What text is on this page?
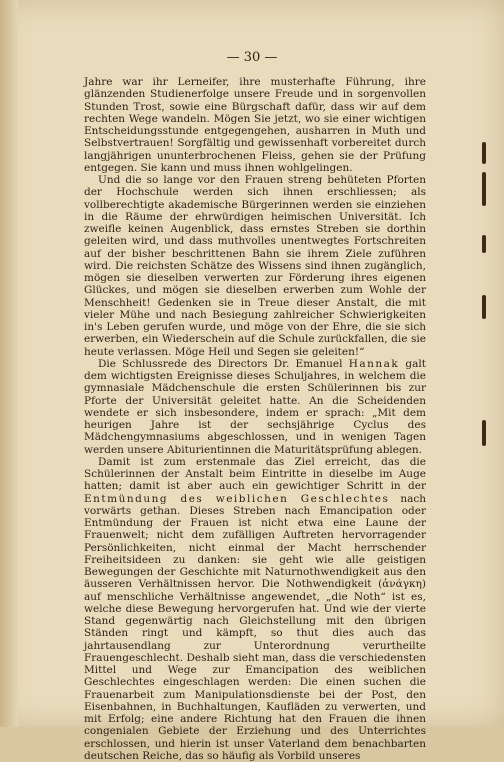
— 30 —

Jahre war ihr Lerneifer, ihre musterhafte Führung, ihre glänzenden Studienerfolge unsere Freude und in sorgenvollen Stunden Trost, sowie eine Bürgschaft dafür, dass wir auf dem rechten Wege wandeln. Mögen Sie jetzt, wo sie einer wichtigen Entscheidungsstunde entgegengehen, ausharren in Muth und Selbstvertrauen! Sorgfältig und gewissenhaft vorbereitet durch langjährigen ununterbrochenen Fleiss, gehen sie der Prüfung entgegen. Sie kann und muss ihnen wohlgelingen.

Und die so lange vor den Frauen streng behüteten Pforten der Hochschule werden sich ihnen erschliessen; als vollberechtigte akademische Bürgerinnen werden sie einziehen in die Räume der ehrwürdigen heimischen Universität. Ich zweifle keinen Augenblick, dass ernstes Streben sie dorthin geleiten wird, und dass muthvolles unentwegtes Fortschreiten auf der bisher beschrittenen Bahn sie ihrem Ziele zuführen wird. Die reichsten Schätze des Wissens sind ihnen zugänglich, mögen sie dieselben verwerten zur Förderung ihres eigenen Glückes, und mögen sie dieselben erwerben zum Wohle der Menschheit! Gedenken sie in Treue dieser Anstalt, die mit vieler Mühe und nach Besiegung zahlreicher Schwierigkeiten in's Leben gerufen wurde, und möge von der Ehre, die sie sich erwerben, ein Wiederschein auf die Schule zurückfallen, die sie heute verlassen. Möge Heil und Segen sie geleiten!“

Die Schlussrede des Directors Dr. Emanuel Hannak galt dem wichtigsten Ereignisse dieses Schuljahres, in welchem die gymnasiale Mädchenschule die ersten Schülerinnen bis zur Pforte der Universität geleitet hatte. An die Scheidenden wendete er sich insbesondere, indem er sprach: „Mit dem heurigen Jahre ist der sechsjährige Cyclus des Mädchengymnasiums abgeschlossen, und in wenigen Tagen werden unsere Abiturientinnen die Maturitätsprüfung ablegen.

Damit ist zum erstenmale das Ziel erreicht, das die Schülerinnen der Anstalt beim Eintritte in dieselbe im Auge hatten; damit ist aber auch ein gewichtiger Schritt in der Entmündung des weiblichen Geschlechtes nach vorwärts gethan. Dieses Streben nach Emancipation oder Entmündung der Frauen ist nicht etwa eine Laune der Frauenwelt; nicht dem zufälligen Auftreten hervorragender Persönlichkeiten, nicht einmal der Macht herrschender Freiheitsideen zu danken: sie geht wie alle geistigen Bewegungen der Geschichte mit Naturnothwendigkeit aus den äusseren Verhältnissen hervor. Die Nothwendigkeit (ἀνάγκη) auf menschliche Verhältnisse angewendet, „die Noth“ ist es, welche diese Bewegung hervorgerufen hat. Und wie der vierte Stand gegenwärtig nach Gleichstellung mit den übrigen Ständen ringt und kämpft, so thut dies auch das jahrtausendlang zur Unterordnung verurtheilte Frauengeschlecht. Deshalb sieht man, dass die verschiedensten Mittel und Wege zur Emancipation des weiblichen Geschlechtes eingeschlagen werden: Die einen suchen die Frauenarbeit zum Manipulationsdienste bei der Post, den Eisenbahnen, in Buchhaltungen, Kaufläden zu verwerten, und mit Erfolg; eine andere Richtung hat den Frauen die ihnen congenialen Gebiete der Erziehung und des Unterrichtes erschlossen, und hierin ist unser Vaterland dem benachbarten deutschen Reiche, das so häufig als Vorbild unseres
